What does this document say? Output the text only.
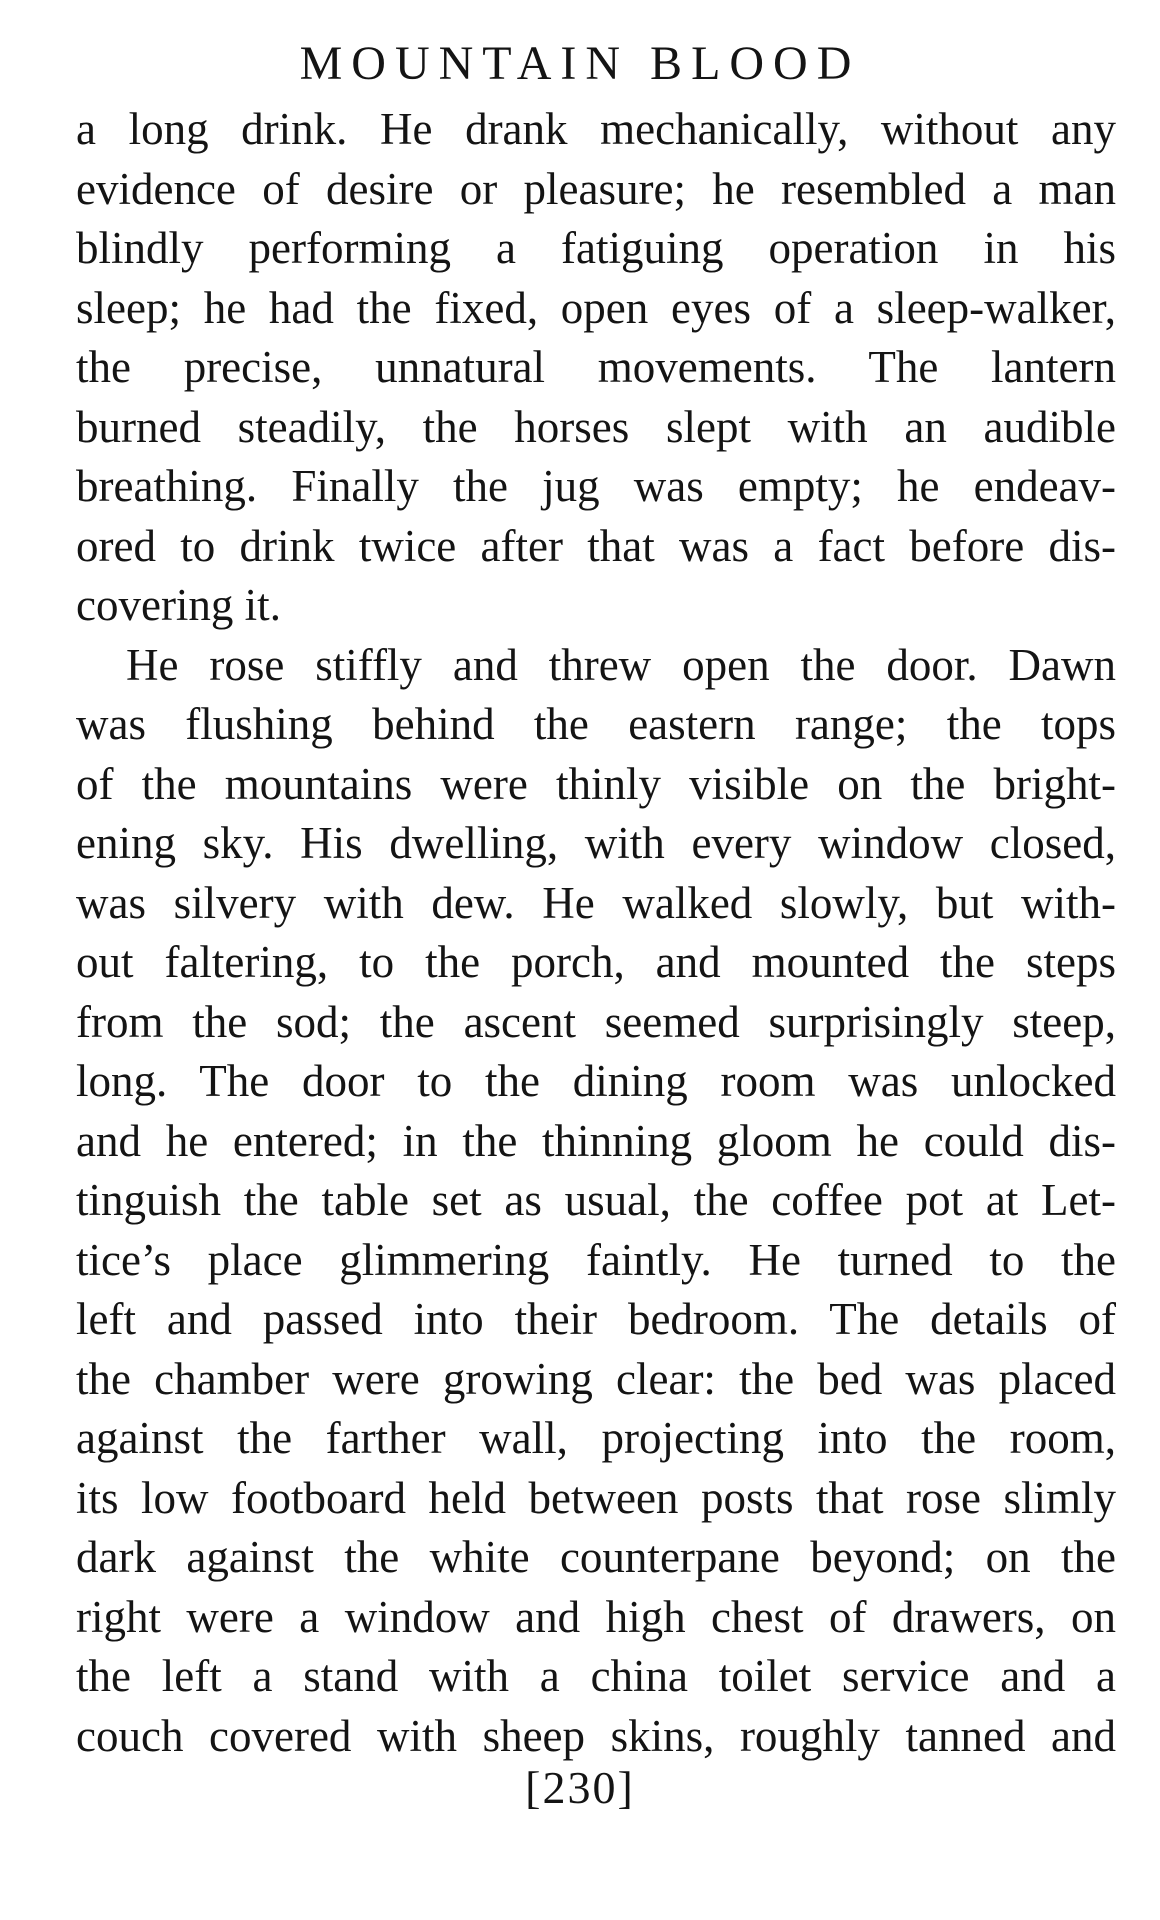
MOUNTAIN BLOOD
a long drink. He drank mechanically, without any
evidence of desire or pleasure; he resembled a man
blindly performing a fatiguing operation in his
sleep; he had the fixed, open eyes of a sleep-walker,
the precise, unnatural movements. The lantern
burned steadily, the horses slept with an audible
breathing. Finally the jug was empty; he endeav-
ored to drink twice after that was a fact before dis-
covering it.
He rose stiffly and threw open the door. Dawn
was flushing behind the eastern range; the tops
of the mountains were thinly visible on the bright-
ening sky. His dwelling, with every window closed,
was silvery with dew. He walked slowly, but with-
out faltering, to the porch, and mounted the steps
from the sod; the ascent seemed surprisingly steep,
long. The door to the dining room was unlocked
and he entered; in the thinning gloom he could dis-
tinguish the table set as usual, the coffee pot at Let-
tice’s place glimmering faintly. He turned to the
left and passed into their bedroom. The details of
the chamber were growing clear: the bed was placed
against the farther wall, projecting into the room,
its low footboard held between posts that rose slimly
dark against the white counterpane beyond; on the
right were a window and high chest of drawers, on
the left a stand with a china toilet service and a
couch covered with sheep skins, roughly tanned and
[230]
